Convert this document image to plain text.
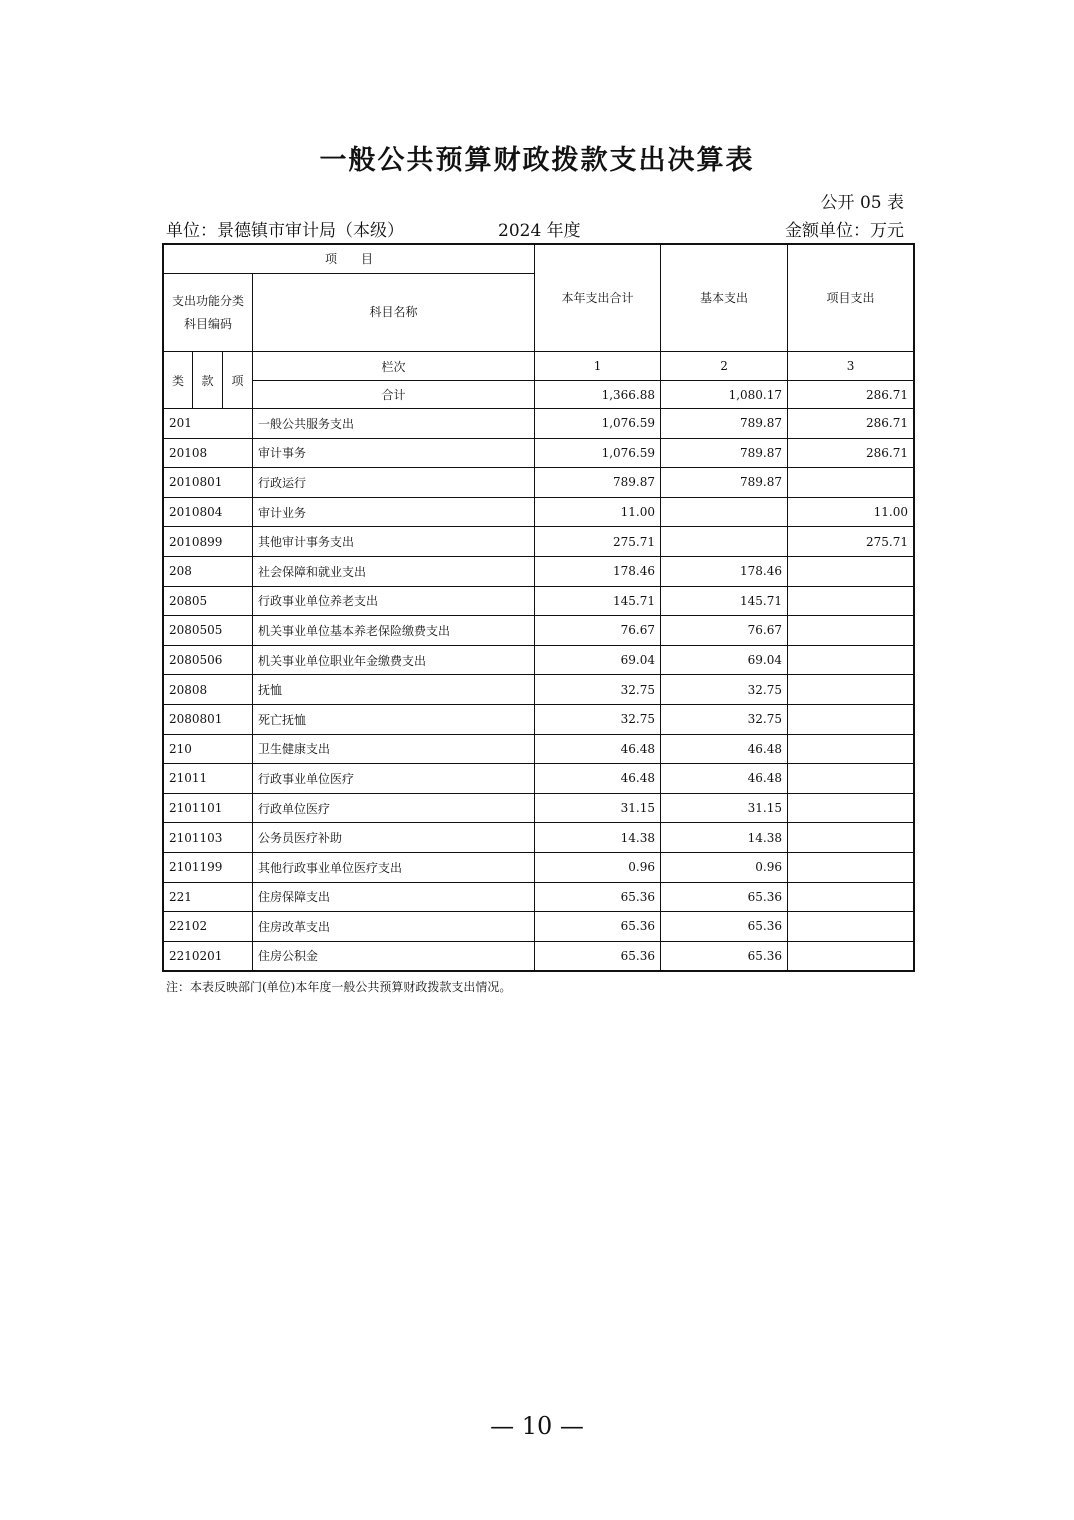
一般公共预算财政拨款支出决算表
公开 05 表
单位：景德镇市审计局（本级）	2024 年度	金额单位：万元
项　　目				本年支出合计	基本支出	项目支出

支出功能分类
科目编码			科目名称			
类	款	项	栏次	1	2	3
			合计	1,366.88	1,080.17	286.71
201			一般公共服务支出	1,076.59	789.87	286.71
20108			审计事务	1,076.59	789.87	286.71
2010801			行政运行	789.87	789.87	
2010804			审计业务	11.00		11.00
2010899			其他审计事务支出	275.71		275.71
208			社会保障和就业支出	178.46	178.46	
20805			行政事业单位养老支出	145.71	145.71	
2080505			机关事业单位基本养老保险缴费支出	76.67	76.67	
2080506			机关事业单位职业年金缴费支出	69.04	69.04	
20808			抚恤	32.75	32.75	
2080801			死亡抚恤	32.75	32.75	
210			卫生健康支出	46.48	46.48	
21011			行政事业单位医疗	46.48	46.48	
2101101			行政单位医疗	31.15	31.15	
2101103			公务员医疗补助	14.38	14.38	
2101199			其他行政事业单位医疗支出	0.96	0.96	
221			住房保障支出	65.36	65.36	
22102			住房改革支出	65.36	65.36	
2210201			住房公积金	65.36	65.36	
注：本表反映部门(单位)本年度一般公共预算财政拨款支出情况。
— 10 —
